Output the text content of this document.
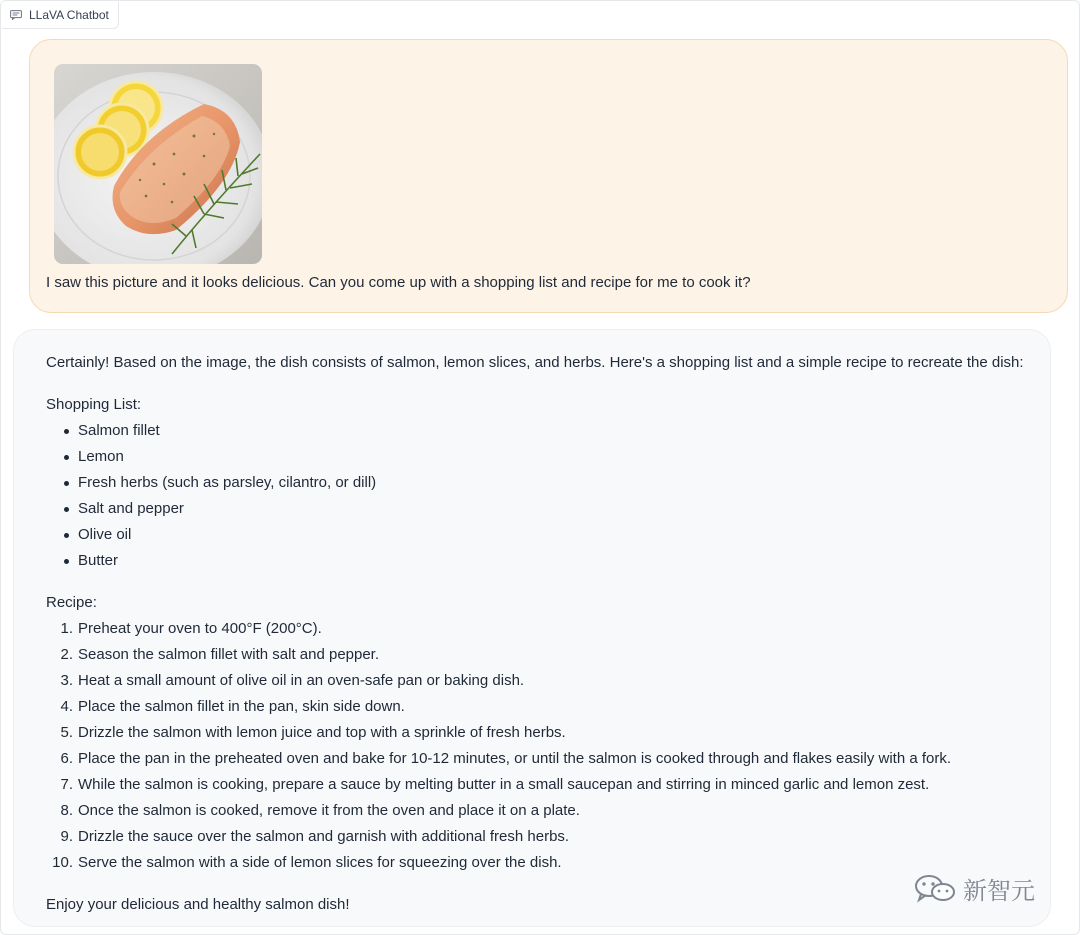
LLaVA Chatbot

I saw this picture and it looks delicious. Can you come up with a shopping list and recipe for me to cook it?

Certainly! Based on the image, the dish consists of salmon, lemon slices, and herbs. Here's a shopping list and a simple recipe to recreate the dish:

Shopping List:

Salmon fillet
Lemon
Fresh herbs (such as parsley, cilantro, or dill)
Salt and pepper
Olive oil
Butter

Recipe:

1. Preheat your oven to 400°F (200°C).
2. Season the salmon fillet with salt and pepper.
3. Heat a small amount of olive oil in an oven-safe pan or baking dish.
4. Place the salmon fillet in the pan, skin side down.
5. Drizzle the salmon with lemon juice and top with a sprinkle of fresh herbs.
6. Place the pan in the preheated oven and bake for 10-12 minutes, or until the salmon is cooked through and flakes easily with a fork.
7. While the salmon is cooking, prepare a sauce by melting butter in a small saucepan and stirring in minced garlic and lemon zest.
8. Once the salmon is cooked, remove it from the oven and place it on a plate.
9. Drizzle the sauce over the salmon and garnish with additional fresh herbs.
10. Serve the salmon with a side of lemon slices for squeezing over the dish.

Enjoy your delicious and healthy salmon dish!	新智元
